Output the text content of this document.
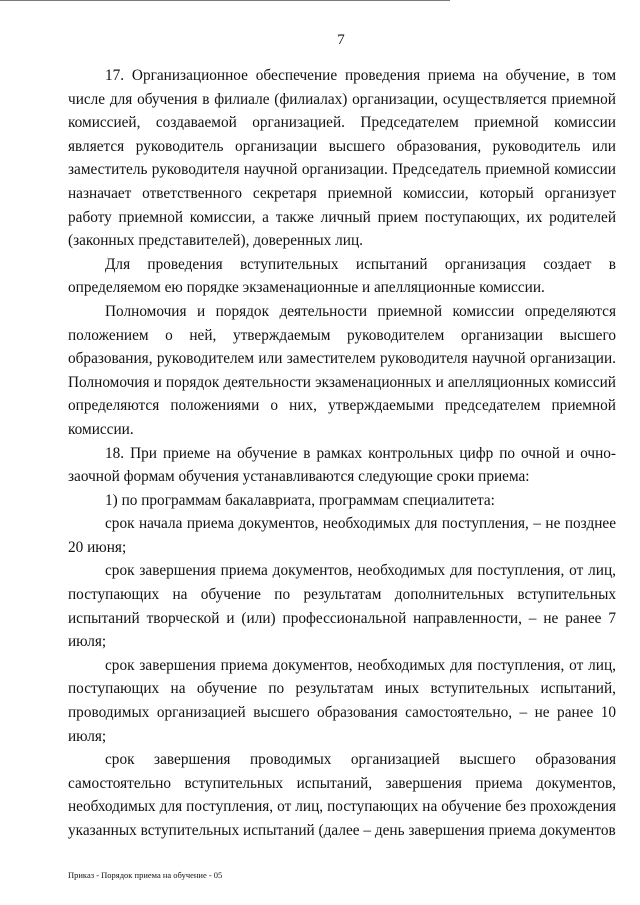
7

17. Организационное обеспечение проведения приема на обучение, в том числе для обучения в филиале (филиалах) организации, осуществляется приемной комиссией, создаваемой организацией. Председателем приемной комиссии является руководитель организации высшего образования, руководитель или заместитель руководителя научной организации. Председатель приемной комиссии назначает ответственного секретаря приемной комиссии, который организует работу приемной комиссии, а также личный прием поступающих, их родителей (законных представителей), доверенных лиц.

Для проведения вступительных испытаний организация создает в определяемом ею порядке экзаменационные и апелляционные комиссии.

Полномочия и порядок деятельности приемной комиссии определяются положением о ней, утверждаемым руководителем организации высшего образования, руководителем или заместителем руководителя научной организации. Полномочия и порядок деятельности экзаменационных и апелляционных комиссий определяются положениями о них, утверждаемыми председателем приемной комиссии.

18. При приеме на обучение в рамках контрольных цифр по очной и очно-заочной формам обучения устанавливаются следующие сроки приема:

1) по программам бакалавриата, программам специалитета:

срок начала приема документов, необходимых для поступления, – не позднее 20 июня;

срок завершения приема документов, необходимых для поступления, от лиц, поступающих на обучение по результатам дополнительных вступительных испытаний творческой и (или) профессиональной направленности, – не ранее 7 июля;

срок завершения приема документов, необходимых для поступления, от лиц, поступающих на обучение по результатам иных вступительных испытаний, проводимых организацией высшего образования самостоятельно, – не ранее 10 июля;

срок завершения проводимых организацией высшего образования самостоятельно вступительных испытаний, завершения приема документов, необходимых для поступления, от лиц, поступающих на обучение без прохождения указанных вступительных испытаний (далее – день завершения приема документов

Приказ - Порядок приема на обучение - 05
